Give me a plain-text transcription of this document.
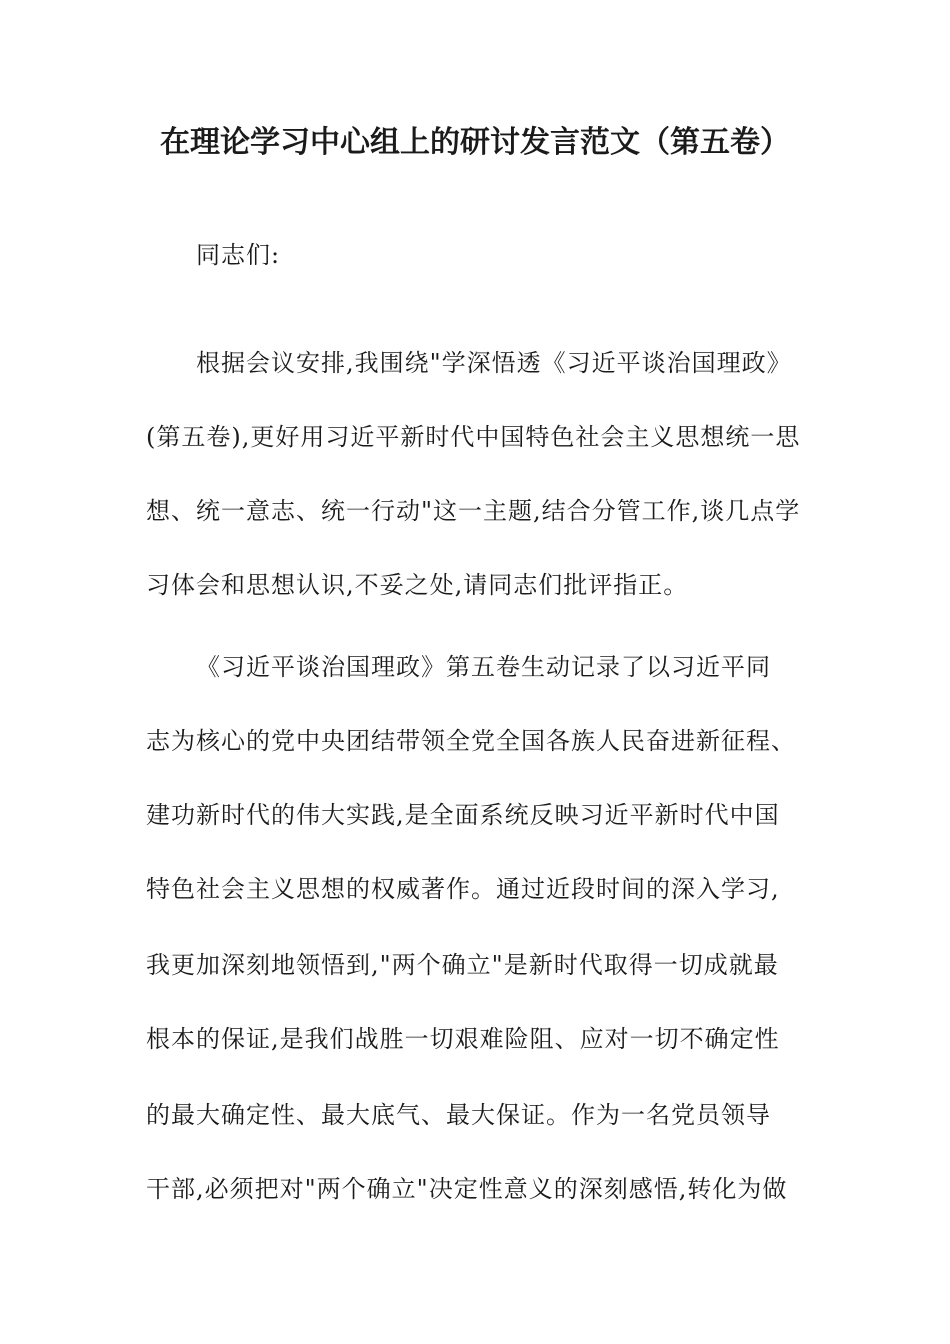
在理论学习中心组上的研讨发言范文（第五卷）
同志们:
根据会议安排,我围绕"学深悟透《习近平谈治国理政》
(第五卷),更好用习近平新时代中国特色社会主义思想统一思
想、统一意志、统一行动"这一主题,结合分管工作,谈几点学
习体会和思想认识,不妥之处,请同志们批评指正。
《习近平谈治国理政》第五卷生动记录了以习近平同
志为核心的党中央团结带领全党全国各族人民奋进新征程、
建功新时代的伟大实践,是全面系统反映习近平新时代中国
特色社会主义思想的权威著作。通过近段时间的深入学习,
我更加深刻地领悟到,"两个确立"是新时代取得一切成就最
根本的保证,是我们战胜一切艰难险阻、应对一切不确定性
的最大确定性、最大底气、最大保证。作为一名党员领导
干部,必须把对"两个确立"决定性意义的深刻感悟,转化为做
